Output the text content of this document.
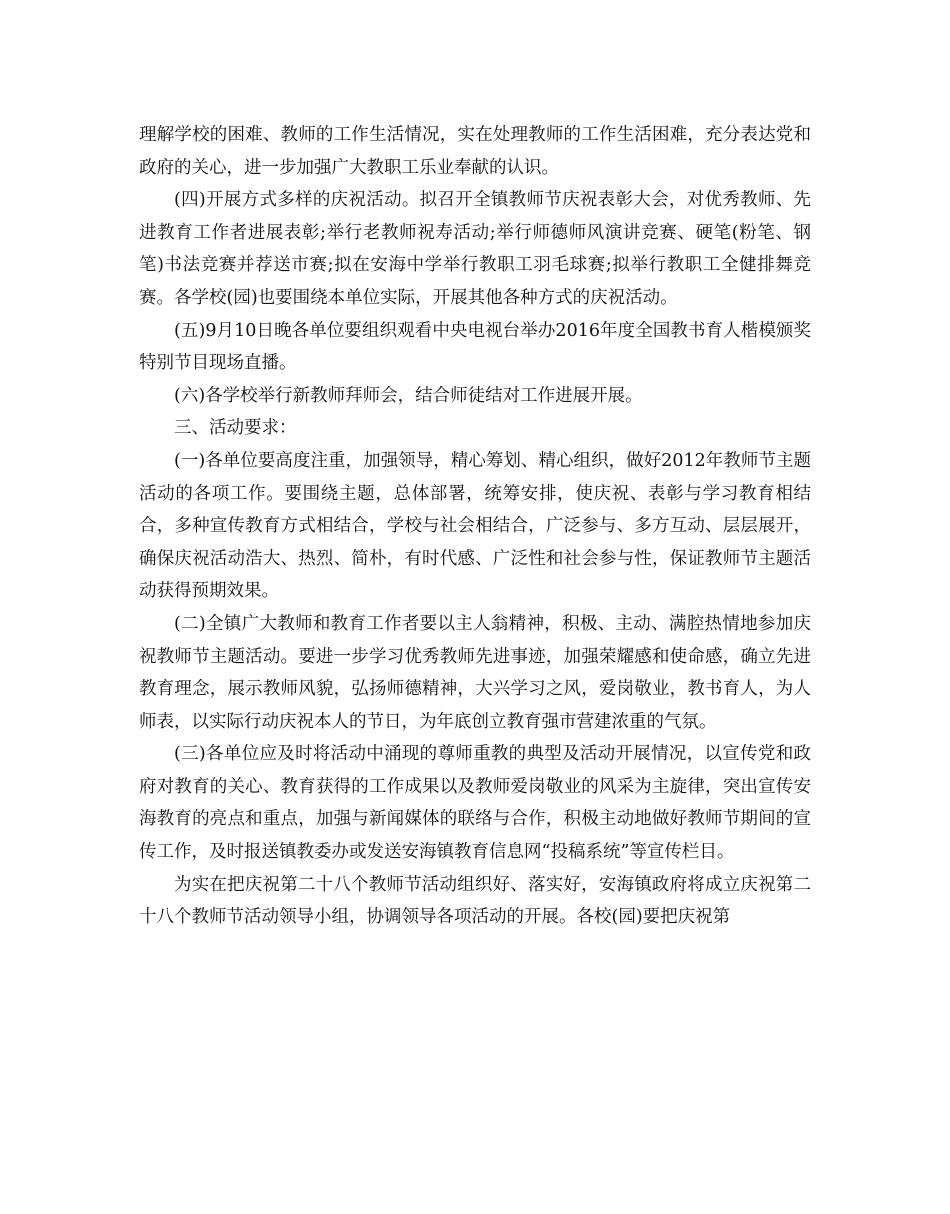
理解学校的困难、教师的工作生活情况，实在处理教师的工作生活困难，充分表达党和政府的关心，进一步加强广大教职工乐业奉献的认识。

(四)开展方式多样的庆祝活动。拟召开全镇教师节庆祝表彰大会，对优秀教师、先进教育工作者进展表彰;举行老教师祝寿活动;举行师德师风演讲竞赛、硬笔(粉笔、钢笔)书法竞赛并荐送市赛;拟在安海中学举行教职工羽毛球赛;拟举行教职工全健排舞竞赛。各学校(园)也要围绕本单位实际，开展其他各种方式的庆祝活动。

(五)9月10日晚各单位要组织观看中央电视台举办2016年度全国教书育人楷模颁奖特别节目现场直播。

(六)各学校举行新教师拜师会，结合师徒结对工作进展开展。

三、活动要求：

(一)各单位要高度注重，加强领导，精心筹划、精心组织，做好2012年教师节主题活动的各项工作。要围绕主题，总体部署，统筹安排，使庆祝、表彰与学习教育相结合，多种宣传教育方式相结合，学校与社会相结合，广泛参与、多方互动、层层展开，确保庆祝活动浩大、热烈、简朴，有时代感、广泛性和社会参与性，保证教师节主题活动获得预期效果。

(二)全镇广大教师和教育工作者要以主人翁精神，积极、主动、满腔热情地参加庆祝教师节主题活动。要进一步学习优秀教师先进事迹，加强荣耀感和使命感，确立先进教育理念，展示教师风貌，弘扬师德精神，大兴学习之风，爱岗敬业，教书育人，为人师表，以实际行动庆祝本人的节日，为年底创立教育强市营建浓重的气氛。

(三)各单位应及时将活动中涌现的尊师重教的典型及活动开展情况，以宣传党和政府对教育的关心、教育获得的工作成果以及教师爱岗敬业的风采为主旋律，突出宣传安海教育的亮点和重点，加强与新闻媒体的联络与合作，积极主动地做好教师节期间的宣传工作，及时报送镇教委办或发送安海镇教育信息网“投稿系统”等宣传栏目。

为实在把庆祝第二十八个教师节活动组织好、落实好，安海镇政府将成立庆祝第二十八个教师节活动领导小组，协调领导各项活动的开展。各校(园)要把庆祝第
